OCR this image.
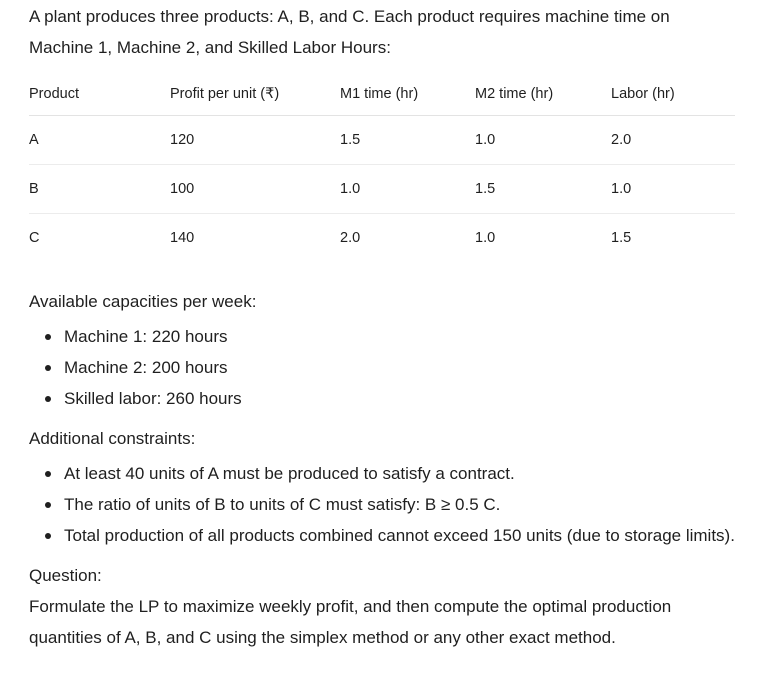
A plant produces three products: A, B, and C. Each product requires machine time on Machine 1, Machine 2, and Skilled Labor Hours:

Product	Profit per unit (₹)	M1 time (hr)	M2 time (hr)	Labor (hr)
A	120	1.5	1.0	2.0
B	100	1.0	1.5	1.0
C	140	2.0	1.0	1.5

Available capacities per week:

Machine 1: 220 hours
Machine 2: 200 hours
Skilled labor: 260 hours

Additional constraints:

At least 40 units of A must be produced to satisfy a contract.
The ratio of units of B to units of C must satisfy: B ≥ 0.5 C.
Total production of all products combined cannot exceed 150 units (due to storage limits).

Question:

Formulate the LP to maximize weekly profit, and then compute the optimal production quantities of A, B, and C using the simplex method or any other exact method.
